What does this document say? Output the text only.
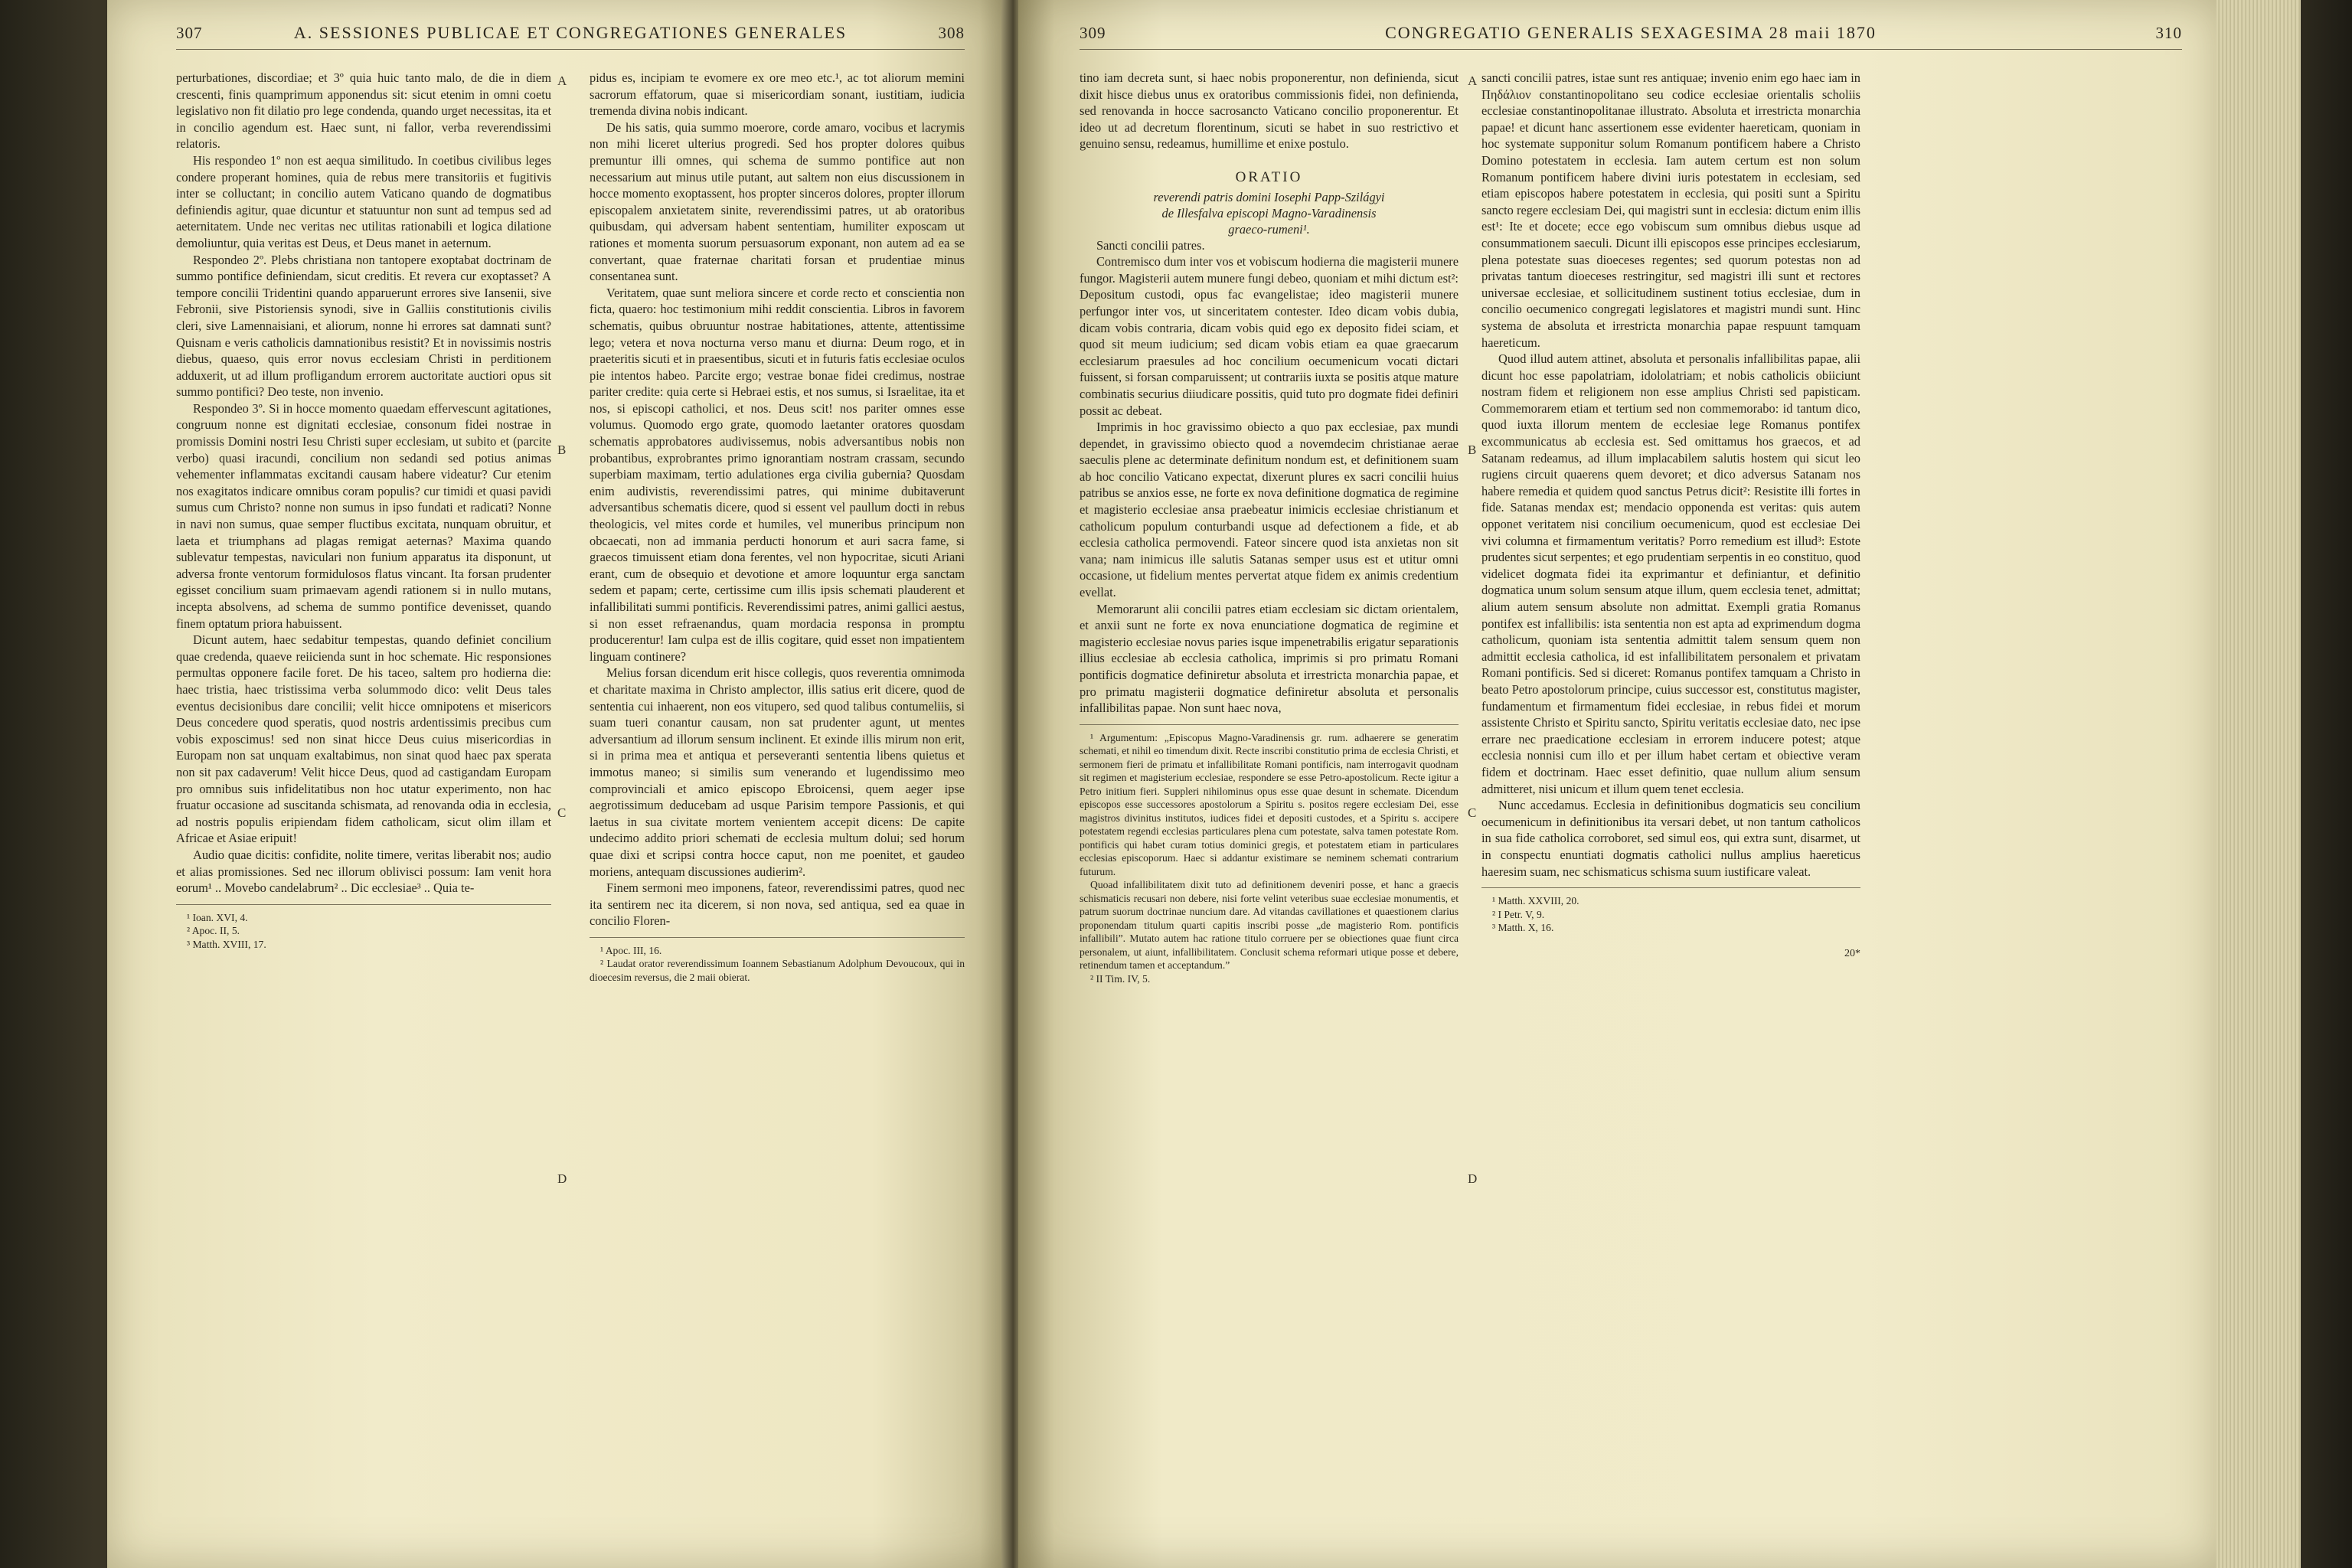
307	A. SESSIONES PUBLICAE ET CONGREGATIONES GENERALES	308

perturbationes, discordiae; et 3º quia huic tanto malo, de die in diem crescenti, finis quamprimum apponendus sit: sicut etenim in omni coetu legislativo non fit dilatio pro lege condenda, quando urget necessitas, ita et in concilio agendum est. Haec sunt, ni fallor, verba reverendissimi relatoris.

His respondeo 1º non est aequa similitudo. In coetibus civilibus leges condere properant homines, quia de rebus mere transitoriis et fugitivis inter se colluctant; in concilio autem Vaticano quando de dogmatibus definiendis agitur, quae dicuntur et statuuntur non sunt ad tempus sed ad aeternitatem. Unde nec veritas nec utilitas rationabili et logica dilatione demoliuntur, quia veritas est Deus, et Deus manet in aeternum.

Respondeo 2º. Plebs christiana non tantopere exoptabat doctrinam de summo pontifice definiendam, sicut creditis. Et revera cur exoptasset? A tempore concilii Tridentini quando apparuerunt errores sive Iansenii, sive Febronii, sive Pistoriensis synodi, sive in Galliis constitutionis civilis cleri, sive Lamennaisiani, et aliorum, nonne hi errores sat damnati sunt? Quisnam e veris catholicis damnationibus resistit? Et in novissimis nostris diebus, quaeso, quis error novus ecclesiam Christi in perditionem adduxerit, ut ad illum profligandum errorem auctoritate auctiori opus sit summo pontifici? Deo teste, non invenio.

Respondeo 3º. Si in hocce momento quaedam effervescunt agitationes, congruum nonne est dignitati ecclesiae, consonum fidei nostrae in promissis Domini nostri Iesu Christi super ecclesiam, ut subito et (parcite verbo) quasi iracundi, concilium non sedandi sed potius animas vehementer inflammatas excitandi causam habere videatur? Cur etenim nos exagitatos indicare omnibus coram populis? cur timidi et quasi pavidi sumus cum Christo? nonne non sumus in ipso fundati et radicati? Nonne in navi non sumus, quae semper fluctibus excitata, nunquam obruitur, et laeta et triumphans ad plagas remigat aeternas? Maxima quando sublevatur tempestas, naviculari non funium apparatus ita disponunt, ut adversa fronte ventorum formidulosos flatus vincant. Ita forsan prudenter egisset concilium suam primaevam agendi rationem si in nullo mutans, incepta absolvens, ad schema de summo pontifice devenisset, quando finem optatum priora habuissent.

Dicunt autem, haec sedabitur tempestas, quando definiet concilium quae credenda, quaeve reiicienda sunt in hoc schemate. Hic responsiones permultas opponere facile foret. De his taceo, saltem pro hodierna die: haec tristia, haec tristissima verba solummodo dico: velit Deus tales eventus decisionibus dare concilii; velit hicce omnipotens et misericors Deus concedere quod speratis, quod nostris ardentissimis precibus cum vobis exposcimus! sed non sinat hicce Deus cuius misericordias in Europam non sat unquam exaltabimus, non sinat quod haec pax sperata non sit pax cadaverum! Velit hicce Deus, quod ad castigandam Europam pro omnibus suis infidelitatibus non hoc utatur experimento, non hac fruatur occasione ad suscitanda schismata, ad renovanda odia in ecclesia, ad nostris populis eripiendam fidem catholicam, sicut olim illam et Africae et Asiae eripuit!

Audio quae dicitis: confidite, nolite timere, veritas liberabit nos; audio et alias promissiones. Sed nec illorum oblivisci possum: Iam venit hora eorum¹ .. Movebo candelabrum² .. Dic ecclesiae³ .. Quia te-

¹ Ioan. XVI, 4.

² Apoc. II, 5.

³ Matth. XVIII, 17.

pidus es, incipiam te evomere ex ore meo etc.¹, ac tot aliorum memini sacrorum effatorum, quae si misericordiam sonant, iustitiam, iudicia tremenda divina nobis indicant.

De his satis, quia summo moerore, corde amaro, vocibus et lacrymis non mihi liceret ulterius progredi. Sed hos propter dolores quibus premuntur illi omnes, qui schema de summo pontifice aut non necessarium aut minus utile putant, aut saltem non eius discussionem in hocce momento exoptassent, hos propter sinceros dolores, propter illorum episcopalem anxietatem sinite, reverendissimi patres, ut ab oratoribus quibusdam, qui adversam habent sententiam, humiliter exposcam ut rationes et momenta suorum persuasorum exponant, non autem ad ea se convertant, quae fraternae charitati forsan et prudentiae minus consentanea sunt.

Veritatem, quae sunt meliora sincere et corde recto et conscientia non ficta, quaero: hoc testimonium mihi reddit conscientia. Libros in favorem schematis, quibus obruuntur nostrae habitationes, attente, attentissime lego; vetera et nova nocturna verso manu et diurna: Deum rogo, et in praeteritis sicuti et in praesentibus, sicuti et in futuris fatis ecclesiae oculos pie intentos habeo. Parcite ergo; vestrae bonae fidei credimus, nostrae pariter credite: quia certe si Hebraei estis, et nos sumus, si Israelitae, ita et nos, si episcopi catholici, et nos. Deus scit! nos pariter omnes esse volumus. Quomodo ergo grate, quomodo laetanter oratores quosdam schematis approbatores audivissemus, nobis adversantibus nobis non probantibus, exprobrantes primo ignorantiam nostram crassam, secundo superbiam maximam, tertio adulationes erga civilia gubernia? Quosdam enim audivistis, reverendissimi patres, qui minime dubitaverunt adversantibus schematis dicere, quod si essent vel paullum docti in rebus theologicis, vel mites corde et humiles, vel muneribus principum non obcaecati, non ad immania perducti honorum et auri sacra fame, si graecos timuissent etiam dona ferentes, vel non hypocritae, sicuti Ariani erant, cum de obsequio et devotione et amore loquuntur erga sanctam sedem et papam; certe, certissime cum illis ipsis schemati plauderent et infallibilitati summi pontificis. Reverendissimi patres, animi gallici aestus, si non esset refraenandus, quam mordacia responsa in promptu producerentur! Iam culpa est de illis cogitare, quid esset non impatientem linguam continere?

Melius forsan dicendum erit hisce collegis, quos reverentia omnimoda et charitate maxima in Christo amplector, illis satius erit dicere, quod de sententia cui inhaerent, non eos vitupero, sed quod talibus contumeliis, si suam tueri conantur causam, non sat prudenter agunt, ut mentes adversantium ad illorum sensum inclinent. Et exinde illis mirum non erit, si in prima mea et antiqua et perseveranti sententia libens quietus et immotus maneo; si similis sum venerando et lugendissimo meo comprovinciali et amico episcopo Ebroicensi, quem aeger ipse aegrotissimum deducebam ad usque Parisim tempore Passionis, et qui laetus in sua civitate mortem venientem accepit dicens: De capite undecimo addito priori schemati de ecclesia multum dolui; sed horum quae dixi et scripsi contra hocce caput, non me poenitet, et gaudeo moriens, antequam discussiones audierim².

Finem sermoni meo imponens, fateor, reverendissimi patres, quod nec ita sentirem nec ita dicerem, si non nova, sed antiqua, sed ea quae in concilio Floren-

¹ Apoc. III, 16.

² Laudat orator reverendissimum Ioannem Sebastianum Adolphum Devoucoux, qui in dioecesim reversus, die 2 maii obierat.

A
B
C
D
309	CONGREGATIO GENERALIS SEXAGESIMA 28 maii 1870	310

tino iam decreta sunt, si haec nobis proponerentur, non definienda, sicut dixit hisce diebus unus ex oratoribus commissionis fidei, non definienda, sed renovanda in hocce sacrosancto Vaticano concilio proponerentur. Et ideo ut ad decretum florentinum, sicuti se habet in suo restrictivo et genuino sensu, redeamus, humillime et enixe postulo.

ORATIO
reverendi patris domini Iosephi Papp-Szilágyi
de Illesfalva episcopi Magno-Varadinensis
graeco-rumeni¹.

Sancti concilii patres.

Contremisco dum inter vos et vobiscum hodierna die magisterii munere fungor. Magisterii autem munere fungi debeo, quoniam et mihi dictum est²: Depositum custodi, opus fac evangelistae; ideo magisterii munere perfungor inter vos, ut sinceritatem contester. Ideo dicam vobis dubia, dicam vobis contraria, dicam vobis quid ego ex deposito fidei sciam, et quod sit meum iudicium; sed dicam vobis etiam ea quae graecarum ecclesiarum praesules ad hoc concilium oecumenicum vocati dictari fuissent, si forsan comparuissent; ut contrariis iuxta se positis atque mature combinatis securius diiudicare possitis, quid tuto pro dogmate fidei definiri possit ac debeat.

Imprimis in hoc gravissimo obiecto a quo pax ecclesiae, pax mundi dependet, in gravissimo obiecto quod a novemdecim christianae aerae saeculis plene ac determinate definitum nondum est, et definitionem suam ab hoc concilio Vaticano expectat, dixerunt plures ex sacri concilii huius patribus se anxios esse, ne forte ex nova definitione dogmatica de regimine et magisterio ecclesiae ansa praebeatur inimicis ecclesiae christianum et catholicum populum conturbandi usque ad defectionem a fide, et ab ecclesia catholica permovendi. Fateor sincere quod ista anxietas non sit vana; nam inimicus ille salutis Satanas semper usus est et utitur omni occasione, ut fidelium mentes pervertat atque fidem ex animis credentium evellat.

Memorarunt alii concilii patres etiam ecclesiam sic dictam orientalem, et anxii sunt ne forte ex nova enunciatione dogmatica de regimine et magisterio ecclesiae novus paries isque impenetrabilis erigatur separationis illius ecclesiae ab ecclesia catholica, imprimis si pro primatu Romani pontificis dogmatice definiretur absoluta et irrestricta monarchia papae, et pro primatu magisterii dogmatice definiretur absoluta et personalis infallibilitas papae. Non sunt haec nova,

¹ Argumentum: „Episcopus Magno-Varadinensis gr. rum. adhaerere se generatim schemati, et nihil eo timendum dixit. Recte inscribi constitutio prima de ecclesia Christi, et sermonem fieri de primatu et infallibilitate Romani pontificis, nam interrogavit quodnam sit regimen et magisterium ecclesiae, respondere se esse Petro-apostolicum. Recte igitur a Petro initium fieri. Suppleri nihilominus opus esse quae desunt in schemate. Dicendum episcopos esse successores apostolorum a Spiritu s. positos regere ecclesiam Dei, esse magistros divinitus institutos, iudices fidei et depositi custodes, et a Spiritu s. accipere potestatem regendi ecclesias particulares plena cum potestate, salva tamen potestate Rom. pontificis qui habet curam totius dominici gregis, et potestatem etiam in particulares ecclesias episcoporum. Haec si addantur existimare se neminem schemati contrarium futurum.

Quoad infallibilitatem dixit tuto ad definitionem deveniri posse, et hanc a graecis schismaticis recusari non debere, nisi forte velint veteribus suae ecclesiae monumentis, et patrum suorum doctrinae nuncium dare. Ad vitandas cavillationes et quaestionem clarius proponendam titulum quarti capitis inscribi posse „de magisterio Rom. pontificis infallibili”. Mutato autem hac ratione titulo corruere per se obiectiones quae fiunt circa personalem, ut aiunt, infallibilitatem. Conclusit schema reformari utique posse et debere, retinendum tamen et acceptandum.”

² II Tim. IV, 5.

sancti concilii patres, istae sunt res antiquae; invenio enim ego haec iam in Πηδάλιον constantinopolitano seu codice ecclesiae orientalis scholiis ecclesiae constantinopolitanae illustrato. Absoluta et irrestricta monarchia papae! et dicunt hanc assertionem esse evidenter haereticam, quoniam in hoc systemate supponitur solum Romanum pontificem habere a Christo Domino potestatem in ecclesia. Iam autem certum est non solum Romanum pontificem habere divini iuris potestatem in ecclesiam, sed etiam episcopos habere potestatem in ecclesia, qui positi sunt a Spiritu sancto regere ecclesiam Dei, qui magistri sunt in ecclesia: dictum enim illis est¹: Ite et docete; ecce ego vobiscum sum omnibus diebus usque ad consummationem saeculi. Dicunt illi episcopos esse principes ecclesiarum, plena potestate suas dioeceses regentes; sed quorum potestas non ad privatas tantum dioeceses restringitur, sed magistri illi sunt et rectores universae ecclesiae, et sollicitudinem sustinent totius ecclesiae, dum in concilio oecumenico congregati legislatores et magistri mundi sunt. Hinc systema de absoluta et irrestricta monarchia papae respuunt tamquam haereticum.

Quod illud autem attinet, absoluta et personalis infallibilitas papae, alii dicunt hoc esse papolatriam, idololatriam; et nobis catholicis obiiciunt nostram fidem et religionem non esse amplius Christi sed papisticam. Commemorarem etiam et tertium sed non commemorabo: id tantum dico, quod iuxta illorum mentem de ecclesiae lege Romanus pontifex excommunicatus ab ecclesia est. Sed omittamus hos graecos, et ad Satanam redeamus, ad illum implacabilem salutis hostem qui sicut leo rugiens circuit quaerens quem devoret; et dico adversus Satanam nos habere remedia et quidem quod sanctus Petrus dicit²: Resistite illi fortes in fide. Satanas mendax est; mendacio opponenda est veritas: quis autem opponet veritatem nisi concilium oecumenicum, quod est ecclesiae Dei vivi columna et firmamentum veritatis? Porro remedium est illud³: Estote prudentes sicut serpentes; et ego prudentiam serpentis in eo constituo, quod videlicet dogmata fidei ita exprimantur et definiantur, et definitio dogmatica unum solum sensum atque illum, quem ecclesia tenet, admittat; alium autem sensum absolute non admittat. Exempli gratia Romanus pontifex est infallibilis: ista sententia non est apta ad exprimendum dogma catholicum, quoniam ista sententia admittit talem sensum quem non admittit ecclesia catholica, id est infallibilitatem personalem et privatam Romani pontificis. Sed si diceret: Romanus pontifex tamquam a Christo in beato Petro apostolorum principe, cuius successor est, constitutus magister, fundamentum et firmamentum fidei ecclesiae, in rebus fidei et morum assistente Christo et Spiritu sancto, Spiritu veritatis ecclesiae dato, nec ipse errare nec praedicatione ecclesiam in errorem inducere potest; atque ecclesia nonnisi cum illo et per illum habet certam et obiective veram fidem et doctrinam. Haec esset definitio, quae nullum alium sensum admitteret, nisi unicum et illum quem tenet ecclesia.

Nunc accedamus. Ecclesia in definitionibus dogmaticis seu concilium oecumenicum in definitionibus ita versari debet, ut non tantum catholicos in sua fide catholica corroboret, sed simul eos, qui extra sunt, disarmet, ut in conspectu enuntiati dogmatis catholici nullus amplius haereticus haeresim suam, nec schismaticus schisma suum iustificare valeat.

¹ Matth. XXVIII, 20.

² I Petr. V, 9.

³ Matth. X, 16.

20*
A
B
C
D
